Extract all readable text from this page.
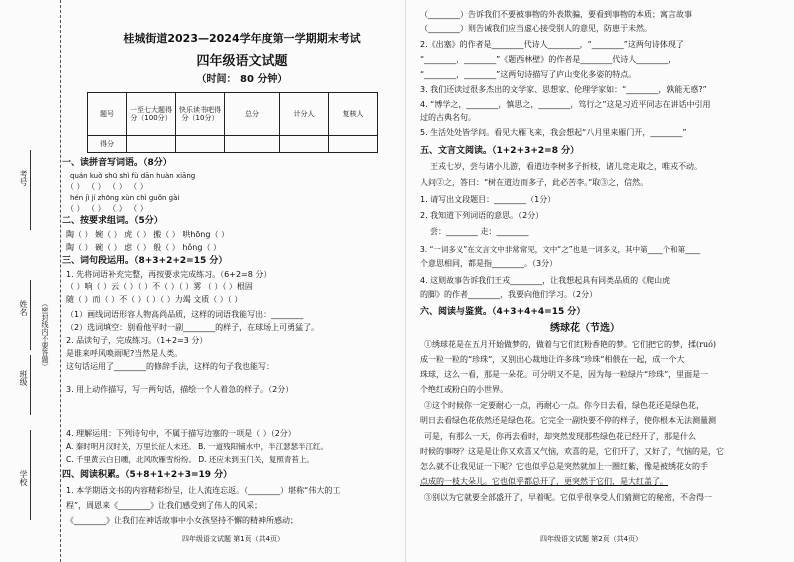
考号
姓名
班级
学校
（密封线内不要答题）
桂城街道2023—2024学年度第一学期期末考试
四年级语文试题
（时间： 80 分钟）
题号	一至七大题得分（100分）	快乐读书吧得分（10分）	总分	计分人	复核人
得分					
一、读拼音写词语。（8分）
quán kuò shū shì fù dān huàn xiāng
（ ） （ ） （ ） （ ）
hén jì jí zhōng xùn chì guǒn gài
（ ） （ ） （ ） （ ）
二、按要求组词。（5分）
陶（ ） 婉（ ） 虎（ ） 搬（ ） 哄hōng（ ）
陶（ ） 碗（ ） 虑（ ） 般（ ） hǒng（ ）
三、词句段运用。（8+3+2+2=15 分）
1. 先将词语补充完整，再按要求完成练习。（6+2=8 分）
（ ）响（ ）云（ ）（ ）不（ ）（ ）雾 （ ）（ ）根固
随（ ）而（ ）不（ ）（ ）（ ）力竭 文质（ ）（ ）
（1）画线词语形容人物高尚品质，这样的词语我能写出：________
（2）选词填空：别看他平时一副________的样子，在球场上可勇猛了。
2. 品读句子，完成练习。（1+2=3 分）
是谁来呼风唤雨呢?当然是人类。
这句话运用了________的修辞手法，这样的句子我也能写：
3. 用上动作描写，写一两句话，描绘一个人着急的样子。（2分）
4. 理解运用：下列诗句中，不属于描写边塞的一项是（ ）（2分）
A. 秦时明月汉时关，万里长征人未还。 B. 一道残阳铺水中，半江瑟瑟半江红。
C. 千里黄云白日曛，北风吹雁雪纷纷。 D. 还应未到玉门关，复照青苔上。
四、阅读积累。（5+8+1+2+3=19 分）
1. 本学期语文书的内容精彩纷呈，让人流连忘返。（________）堪称“伟大的工
程”，周恩来《________》让我们感受到了伟人的风采；
《________》让我们在神话故事中小女孩坚持不懈的精神所感动；
四年级语文试题 第1页（共4页）
（________）告诉我们不要被事物的外表欺骗，要看到事物的本质；寓言故事
（________）则告诫我们应当虚心接受别人的意见，防患于未然。
2.《出塞》的作者是________代诗人________，“________”这两句诗体现了
“________，________”《题西林壁》的作者是________代诗人________，
“________，________”这两句诗描写了庐山变化多姿的特点。
3. 我们还读过很多杰出的文学家、思想家、伦理学家如：“________，孰能无惑?”
4. “博学之，________，慎思之，________，笃行之”这是习近平同志在讲话中引用
过的古典名句。
5. 生活处处皆学问。看见大雁飞来，我会想起“八月里来雁门开，________”
五、文言文阅读。（1+2+3+2=8 分）
王戎七岁，尝与诸小儿游，看道边李树多子折枝，诸儿竞走取之，唯戎不动。
人问②之，答曰：“树在道边而多子，此必苦李。”取③之，信然。
1. 请写出文段题目：________（1分）
2. 我知道下列词语的意思。（2分）
尝：________ 走：________
3. “一词多义”在文言文中非常常见，文中“之”也是一词多义，其中第____个和第____
个意思相同，都是指________。（3分）
4. 这则故事告诉我们王戎________，让我想起具有同类品质的《爬山虎
的脚》的作者________，我要向他们学习。（2分）
六、阅读与鉴赏。（4+3+4+4=15 分）
绣球花（节选）
①绣球花是在五月开始做梦的，做着与它们红粉香艳的梦。它们把它的梦，揉(ruó)
成一粒一粒的“珍珠”，又别出心裁地让许多珠“珍珠”相偎在一起，成一个大
珠球，这么一看，那是一朵花。可分明又不是，因为每一粒绿片“珍珠”，里面是一
个绝红或粉白的小世界。
②这个时候你一定要耐心一点，再耐心一点。你今日去看，绿色花还是绿色花，
明日去看绿色花依然还是绿色花。它完全一副快要不停的样子，使你根本无法测量测
可是，有那么一天，你再去看时，却突然发现那些绿色花已经开了，那是什么
时候的事呀？这是是让你又欢喜又气恼，欢喜的是，它们开了，又好了，气恼的是，它
怎么就不让我见证一下呢？它也似乎总是突然就加上一圈红紫，像是被绣花女的手
点成的一枝大朵儿。它也似乎都总开了，更突然于它们，是大红盖了。
③别以为它就要全部盛开了，早着呢。它似乎很享受人们猜测它的秘密，不舍得一
四年级语文试题 第2页（共4页）
